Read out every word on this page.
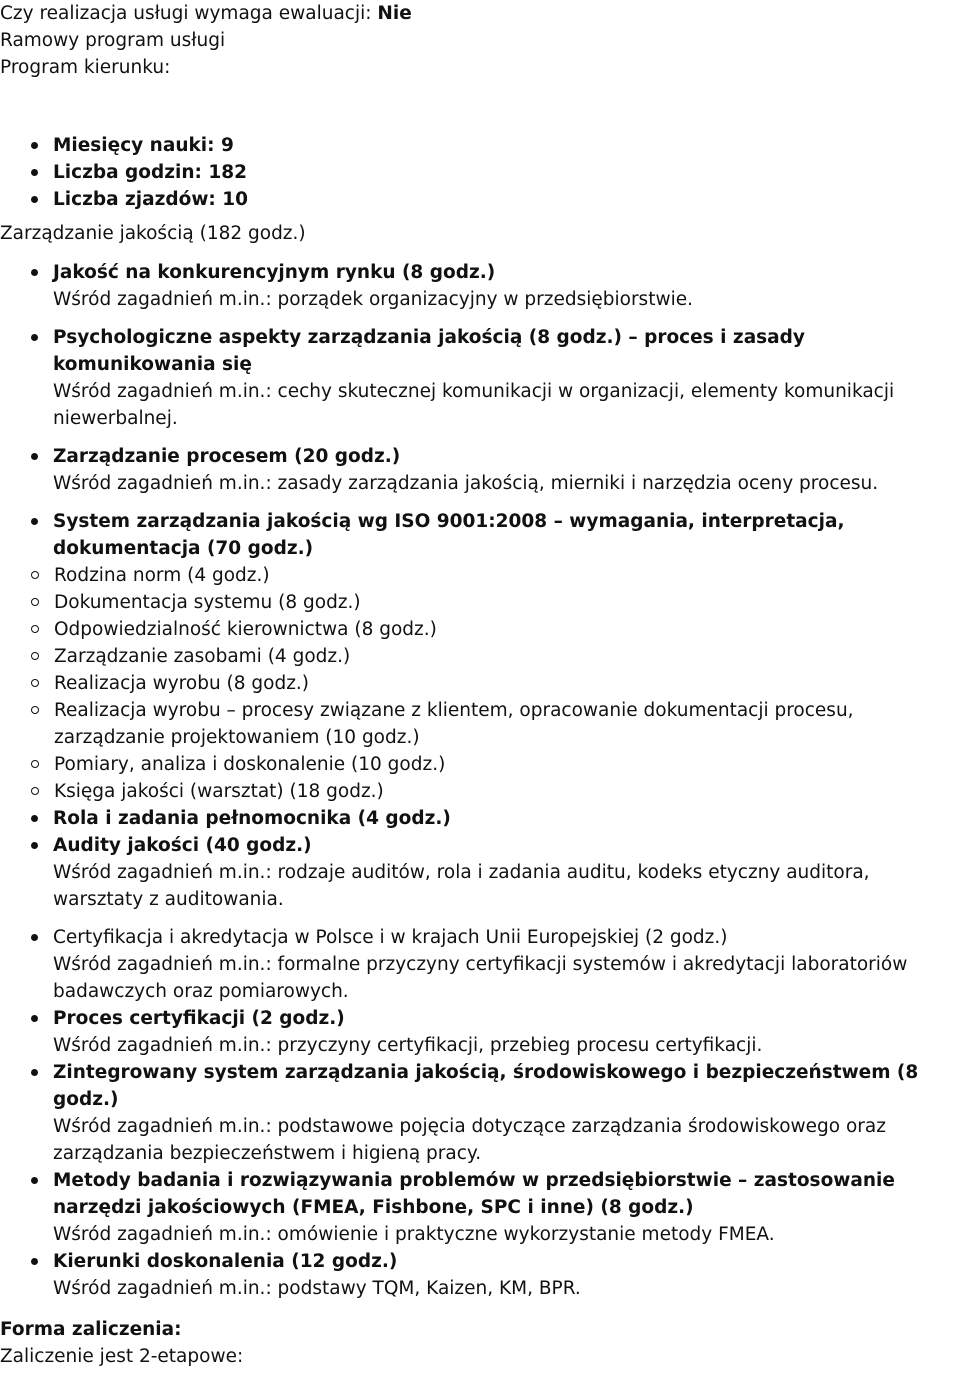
Czy realizacja usługi wymaga ewaluacji: Nie
Ramowy program usługi
Program kierunku:
Miesięcy nauki: 9
Liczba godzin: 182
Liczba zjazdów: 10

Zarządzanie jakością (182 godz.)

Jakość na konkurencyjnym rynku (8 godz.)
Wśród zagadnień m.in.: porządek organizacyjny w przedsiębiorstwie.
Psychologiczne aspekty zarządzania jakością (8 godz.) – proces i zasady komunikowania się
Wśród zagadnień m.in.: cechy skutecznej komunikacji w organizacji, elementy komunikacji niewerbalnej.
Zarządzanie procesem (20 godz.)
Wśród zagadnień m.in.: zasady zarządzania jakością, mierniki i narzędzia oceny procesu.
System zarządzania jakością wg ISO 9001:2008 – wymagania, interpretacja, dokumentacja (70 godz.)
Rodzina norm (4 godz.)
Dokumentacja systemu (8 godz.)
Odpowiedzialność kierownictwa (8 godz.)
Zarządzanie zasobami (4 godz.)
Realizacja wyrobu (8 godz.)
Realizacja wyrobu – procesy związane z klientem, opracowanie dokumentacji procesu, zarządzanie projektowaniem (10 godz.)
Pomiary, analiza i doskonalenie (10 godz.)
Księga jakości (warsztat) (18 godz.)
Rola i zadania pełnomocnika (4 godz.)
Audity jakości (40 godz.)
Wśród zagadnień m.in.: rodzaje auditów, rola i zadania auditu, kodeks etyczny auditora, warsztaty z auditowania.
Certyfikacja i akredytacja w Polsce i w krajach Unii Europejskiej (2 godz.)
Wśród zagadnień m.in.: formalne przyczyny certyfikacji systemów i akredytacji laboratoriów badawczych oraz pomiarowych.
Proces certyfikacji (2 godz.)
Wśród zagadnień m.in.: przyczyny certyfikacji, przebieg procesu certyfikacji.
Zintegrowany system zarządzania jakością, środowiskowego i bezpieczeństwem (8 godz.)
Wśród zagadnień m.in.: podstawowe pojęcia dotyczące zarządzania środowiskowego oraz zarządzania bezpieczeństwem i higieną pracy.
Metody badania i rozwiązywania problemów w przedsiębiorstwie – zastosowanie narzędzi jakościowych (FMEA, Fishbone, SPC i inne) (8 godz.)
Wśród zagadnień m.in.: omówienie i praktyczne wykorzystanie metody FMEA.
Kierunki doskonalenia (12 godz.)
Wśród zagadnień m.in.: podstawy TQM, Kaizen, KM, BPR.
Forma zaliczenia:
Zaliczenie jest 2-etapowe:
